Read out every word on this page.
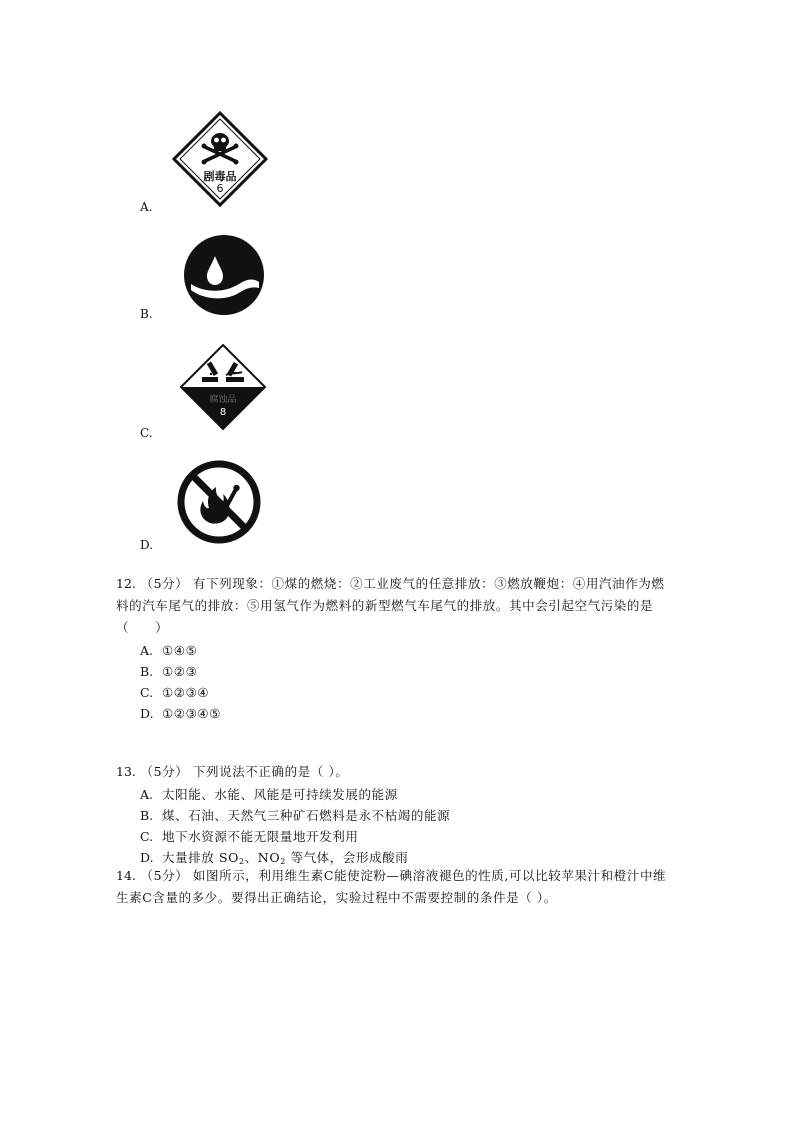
剧毒品
6
A.
B.
腐蚀品
8
C.
D.
12. （5分） 有下列现象：①煤的燃烧：②工业废气的任意排放：③燃放鞭炮：④用汽油作为燃料的汽车尾气的排放：⑤用氢气作为燃料的新型燃气车尾气的排放。其中会引起空气污染的是（　　）
A. ①④⑤
B. ①②③
C. ①②③④
D. ①②③④⑤
13. （5分） 下列说法不正确的是（ ）。
A. 太阳能、水能、风能是可持续发展的能源
B. 煤、石油、天然气三种矿石燃料是永不枯竭的能源
C. 地下水资源不能无限量地开发利用
D. 大量排放 $SO_2$、$NO_2$ 等气体，会形成酸雨
14. （5分） 如图所示，利用维生素C能使淀粉—碘溶液褪色的性质,可以比较苹果汁和橙汁中维生素C含量的多少。要得出正确结论，实验过程中不需要控制的条件是（ ）。
